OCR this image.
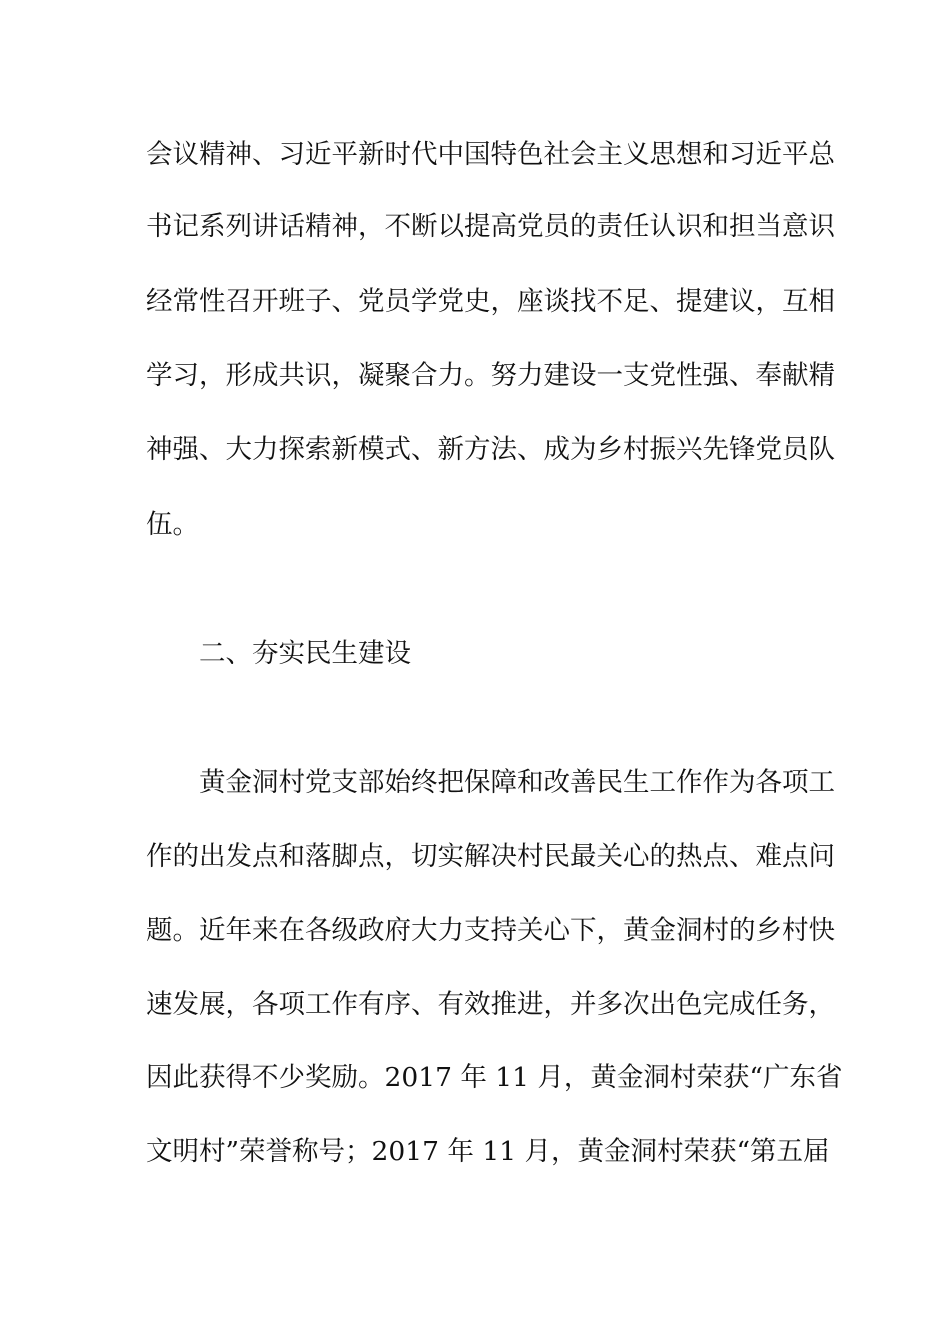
会议精神、习近平新时代中国特色社会主义思想和习近平总
书记系列讲话精神，不断以提高党员的责任认识和担当意识
经常性召开班子、党员学党史，座谈找不足、提建议，互相
学习，形成共识，凝聚合力。努力建设一支党性强、奉献精
神强、大力探索新模式、新方法、成为乡村振兴先锋党员队
伍。
二、夯实民生建设
黄金洞村党支部始终把保障和改善民生工作作为各项工
作的出发点和落脚点，切实解决村民最关心的热点、难点问
题。近年来在各级政府大力支持关心下，黄金洞村的乡村快
速发展，各项工作有序、有效推进，并多次出色完成任务，
因此获得不少奖励。2017 年 11 月，黄金洞村荣获“广东省
文明村”荣誉称号；2017 年 11 月，黄金洞村荣获“第五届
